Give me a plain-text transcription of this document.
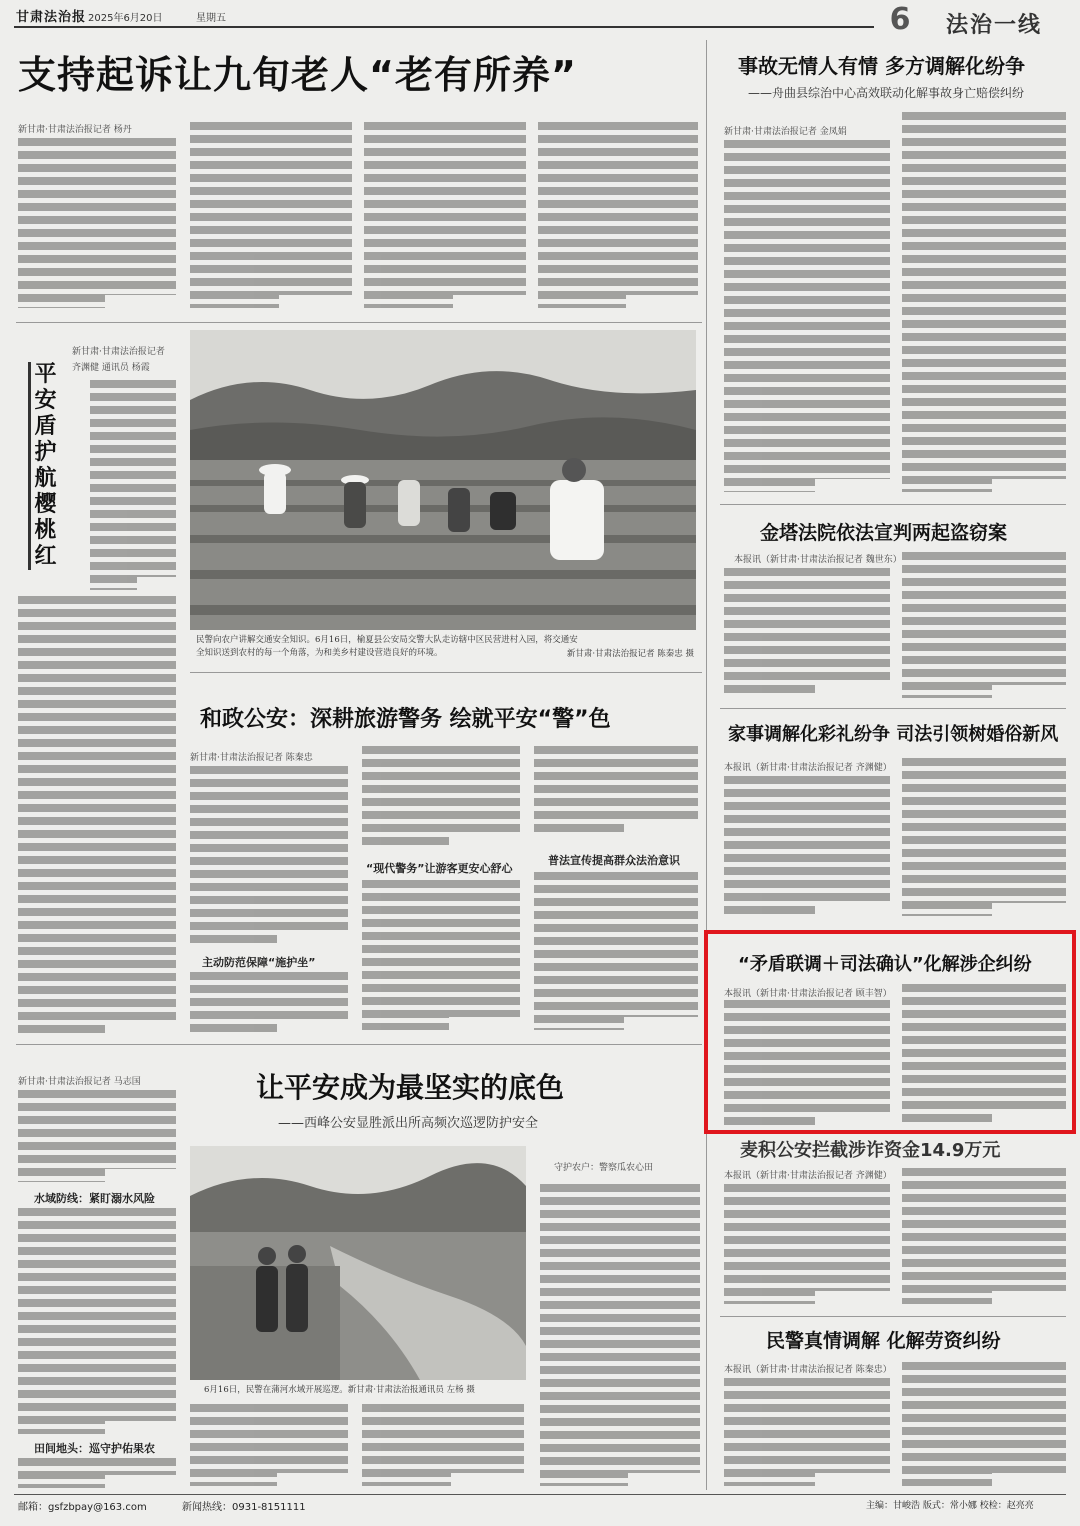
甘肃法治报 2025年6月20日	星期五	6	法治一线
支持起诉让九旬老人“老有所养”
新甘肃·甘肃法治报记者 杨丹
事故无情人有情 多方调解化纷争
——舟曲县综治中心高效联动化解事故身亡赔偿纠纷
新甘肃·甘肃法治报记者 金凤娟
平
安
盾
护
航
樱
桃
红
新甘肃·甘肃法治报记者
齐渊健 通讯员 杨霞
民警向农户讲解交通安全知识。6月16日，榆夏县公安局交警大队走访辖中区民营进村入园，将交通安全知识送到农村的每一个角落，为和美乡村建设营造良好的环境。	新甘肃·甘肃法治报记者 陈秦忠 摄
金塔法院依法宣判两起盗窃案
本报讯（新甘肃·甘肃法治报记者 魏世东）
和政公安：深耕旅游警务 绘就平安“警”色
新甘肃·甘肃法治报记者 陈秦忠
主动防范保障“施护坐”
“现代警务”让游客更安心舒心
普法宣传提高群众法治意识
家事调解化彩礼纷争 司法引领树婚俗新风
本报讯（新甘肃·甘肃法治报记者 齐渊健）
“矛盾联调＋司法确认”化解涉企纠纷
本报讯（新甘肃·甘肃法治报记者 顾丰智）
麦积公安拦截涉诈资金14.9万元
本报讯（新甘肃·甘肃法治报记者 齐渊健）
民警真情调解 化解劳资纠纷
本报讯（新甘肃·甘肃法治报记者 陈秦忠）
新甘肃·甘肃法治报记者 马志国
水域防线：紧盯溺水风险
田间地头：巡守护佑果农
让平安成为最坚实的底色
——西峰公安显胜派出所高频次巡逻防护安全
6月16日，民警在蒲河水域开展巡逻。新甘肃·甘肃法治报通讯员 左杨 摄
守护农户：警察瓜农心田
邮箱：gsfzbpay@163.com	新闻热线：0931-8151111	主编：甘峻浩 版式：常小娜 校检：赵亮亮
